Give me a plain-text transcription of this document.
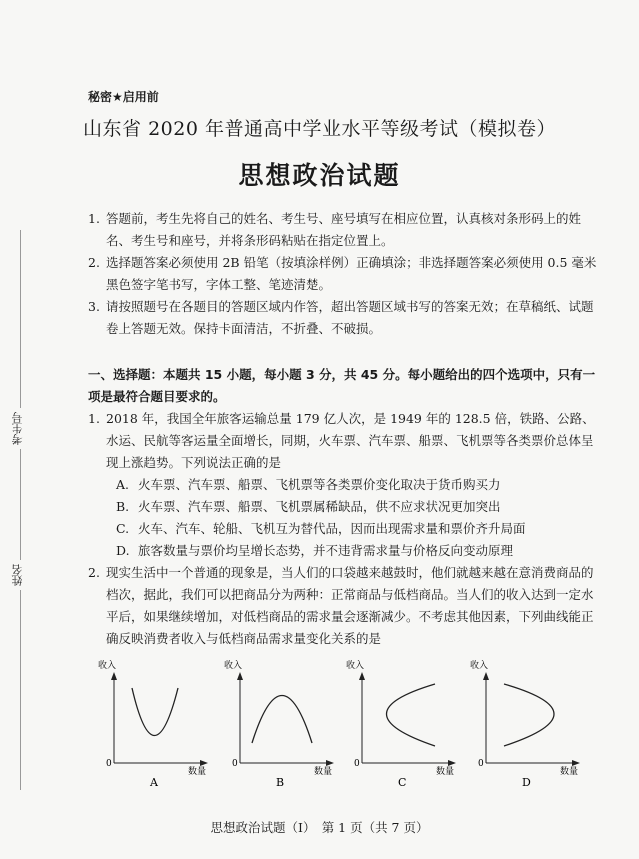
秘密★启用前
山东省 2020 年普通高中学业水平等级考试（模拟卷）
思想政治试题
考生号
姓名
1. 答题前，考生先将自己的姓名、考生号、座号填写在相应位置，认真核对条形码上的姓名、考生号和座号，并将条形码粘贴在指定位置上。
2. 选择题答案必须使用 2B 铅笔（按填涂样例）正确填涂；非选择题答案必须使用 0.5 毫米黑色签字笔书写，字体工整、笔迹清楚。
3. 请按照题号在各题目的答题区域内作答，超出答题区域书写的答案无效；在草稿纸、试题卷上答题无效。保持卡面清洁，不折叠、不破损。
一、选择题：本题共 15 小题，每小题 3 分，共 45 分。每小题给出的四个选项中，只有一项是最符合题目要求的。
1. 2018 年，我国全年旅客运输总量 179 亿人次，是 1949 年的 128.5 倍，铁路、公路、水运、民航等客运量全面增长，同期，火车票、汽车票、船票、飞机票等各类票价总体呈现上涨趋势。下列说法正确的是
A. 火车票、汽车票、船票、飞机票等各类票价变化取决于货币购买力
B. 火车票、汽车票、船票、飞机票属稀缺品，供不应求状况更加突出
C. 火车、汽车、轮船、飞机互为替代品，因而出现需求量和票价齐升局面
D. 旅客数量与票价均呈增长态势，并不违背需求量与价格反向变动原理
2. 现实生活中一个普通的现象是，当人们的口袋越来越鼓时，他们就越来越在意消费商品的档次，据此，我们可以把商品分为两种：正常商品与低档商品。当人们的收入达到一定水平后，如果继续增加，对低档商品的需求量会逐渐减少。不考虑其他因素，下列曲线能正确反映消费者收入与低档商品需求量变化关系的是
收入
0
数量
A
收入
0
数量
B
收入
0
数量
C
收入
0
数量
D
思想政治试题（Ⅰ）　第 1 页（共 7 页）
